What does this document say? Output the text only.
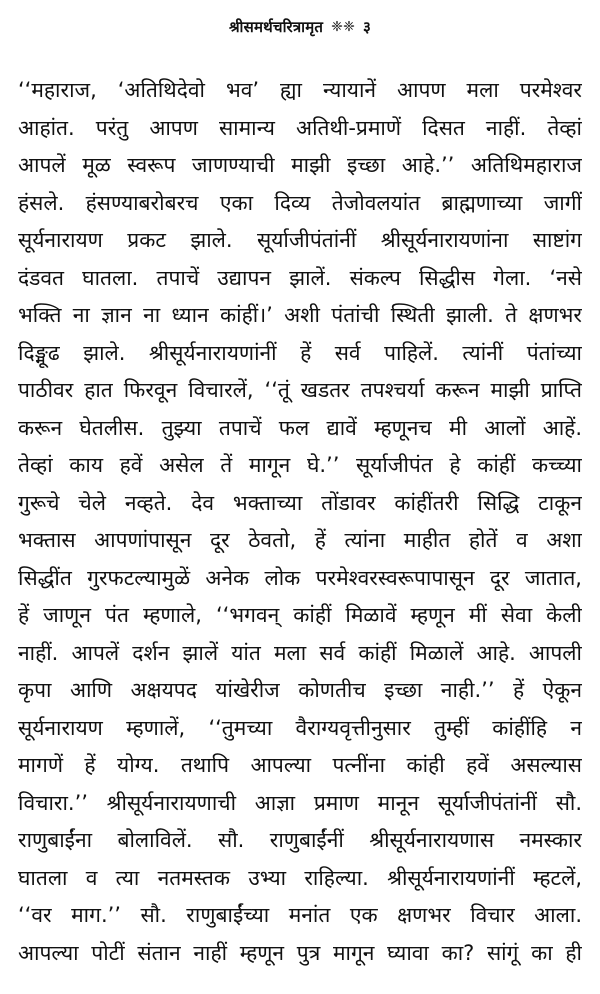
श्रीसमर्थचरित्रामृत ❈❈ ३
‘‘महाराज, ‘अतिथिदेवो भव’ ह्या न्यायानें आपण मला परमेश्वर
आहांत. परंतु आपण सामान्य अतिथी-प्रमाणें दिसत नाहीं. तेव्हां
आपलें मूळ स्वरूप जाणण्याची माझी इच्छा आहे.’’ अतिथिमहाराज
हंसले. हंसण्याबरोबरच एका दिव्य तेजोवलयांत ब्राह्मणाच्या जागीं
सूर्यनारायण प्रकट झाले. सूर्याजीपंतांनीं श्रीसूर्यनारायणांना साष्टांग
दंडवत घातला. तपाचें उद्यापन झालें. संकल्प सिद्धीस गेला. ‘नसे
भक्ति ना ज्ञान ना ध्यान कांहीं।’ अशी पंतांची स्थिती झाली. ते क्षणभर
दिङ्मूढ झाले. श्रीसूर्यनारायणांनीं हें सर्व पाहिलें. त्यांनीं पंतांच्या
पाठीवर हात फिरवून विचारलें, ‘‘तूं खडतर तपश्चर्या करून माझी प्राप्ति
करून घेतलीस. तुझ्या तपाचें फल द्यावें म्हणूनच मी आलों आहें.
तेव्हां काय हवें असेल तें मागून घे.’’ सूर्याजीपंत हे कांहीं कच्च्या
गुरूचे चेले नव्हते. देव भक्ताच्या तोंडावर कांहींतरी सिद्धि टाकून
भक्तास आपणांपासून दूर ठेवतो, हें त्यांना माहीत होतें व अशा
सिद्धींत गुरफटल्यामुळें अनेक लोक परमेश्वरस्वरूपापासून दूर जातात,
हें जाणून पंत म्हणाले, ‘‘भगवन् कांहीं मिळावें म्हणून मीं सेवा केली
नाहीं. आपलें दर्शन झालें यांत मला सर्व कांहीं मिळालें आहे. आपली
कृपा आणि अक्षयपद यांखेरीज कोणतीच इच्छा नाही.’’ हें ऐकून
सूर्यनारायण म्हणालें, ‘‘तुमच्या वैराग्यवृत्तीनुसार तुम्हीं कांहींहि न
मागणें हें योग्य. तथापि आपल्या पत्नींना कांही हवें असल्यास
विचारा.’’ श्रीसूर्यनारायणाची आज्ञा प्रमाण मानून सूर्याजीपंतांनीं सौ.
राणुबाईंना बोलाविलें. सौ. राणुबाईंनीं श्रीसूर्यनारायणास नमस्कार
घातला व त्या नतमस्तक उभ्या राहिल्या. श्रीसूर्यनारायणांनीं म्हटलें,
‘‘वर माग.’’ सौ. राणुबाईंच्या मनांत एक क्षणभर विचार आला.
आपल्या पोटीं संतान नाहीं म्हणून पुत्र मागून घ्यावा का? सांगूं का ही
